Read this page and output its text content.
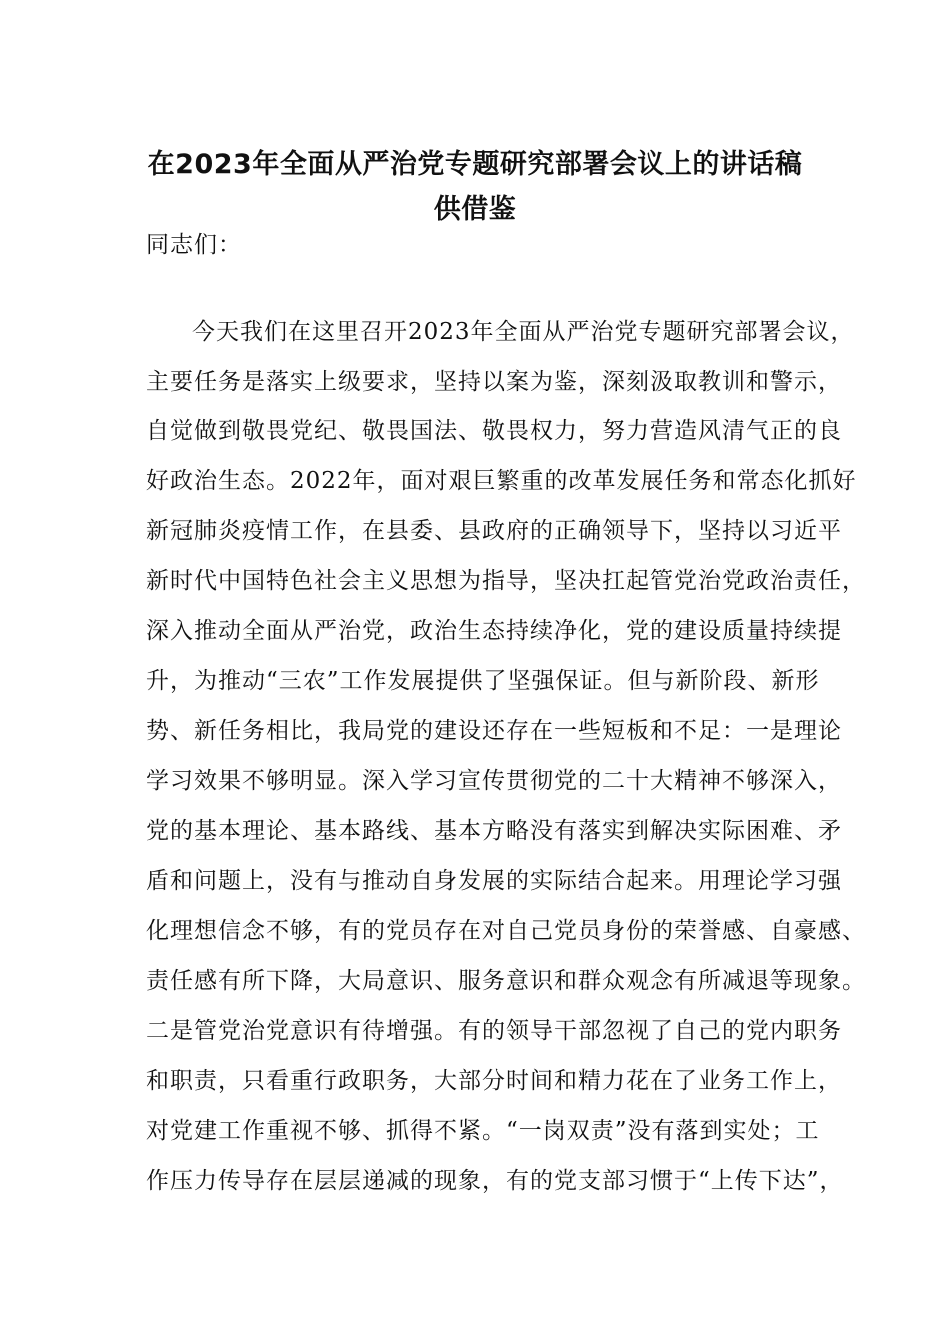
在2023年全面从严治党专题研究部署会议上的讲话稿供借鉴
同志们：
今天我们在这里召开2023年全面从严治党专题研究部署会议，
主要任务是落实上级要求，坚持以案为鉴，深刻汲取教训和警示，
自觉做到敬畏党纪、敬畏国法、敬畏权力，努力营造风清气正的良
好政治生态。2022年，面对艰巨繁重的改革发展任务和常态化抓好
新冠肺炎疫情工作，在县委、县政府的正确领导下，坚持以习近平
新时代中国特色社会主义思想为指导，坚决扛起管党治党政治责任，
深入推动全面从严治党，政治生态持续净化，党的建设质量持续提
升，为推动“三农”工作发展提供了坚强保证。但与新阶段、新形
势、新任务相比，我局党的建设还存在一些短板和不足：一是理论
学习效果不够明显。深入学习宣传贯彻党的二十大精神不够深入，
党的基本理论、基本路线、基本方略没有落实到解决实际困难、矛
盾和问题上，没有与推动自身发展的实际结合起来。用理论学习强
化理想信念不够，有的党员存在对自己党员身份的荣誉感、自豪感、
责任感有所下降，大局意识、服务意识和群众观念有所减退等现象。
二是管党治党意识有待增强。有的领导干部忽视了自己的党内职务
和职责，只看重行政职务，大部分时间和精力花在了业务工作上，
对党建工作重视不够、抓得不紧。“一岗双责”没有落到实处；工
作压力传导存在层层递减的现象，有的党支部习惯于“上传下达”，
